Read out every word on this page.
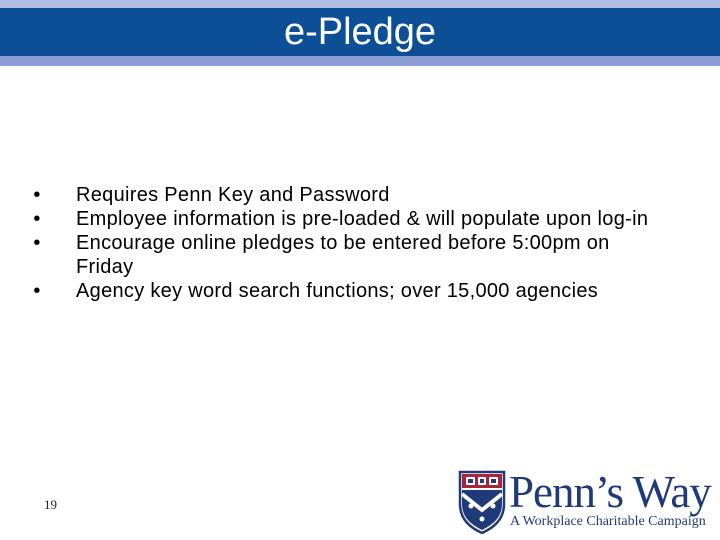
e-Pledge
• Requires Penn Key and Password
• Employee information is pre-loaded & will populate upon log-in
• Encourage online pledges to be entered before 5:00pm on Friday
• Agency key word search functions; over 15,000 agencies
19	Penn’s Way
A Workplace Charitable Campaign
